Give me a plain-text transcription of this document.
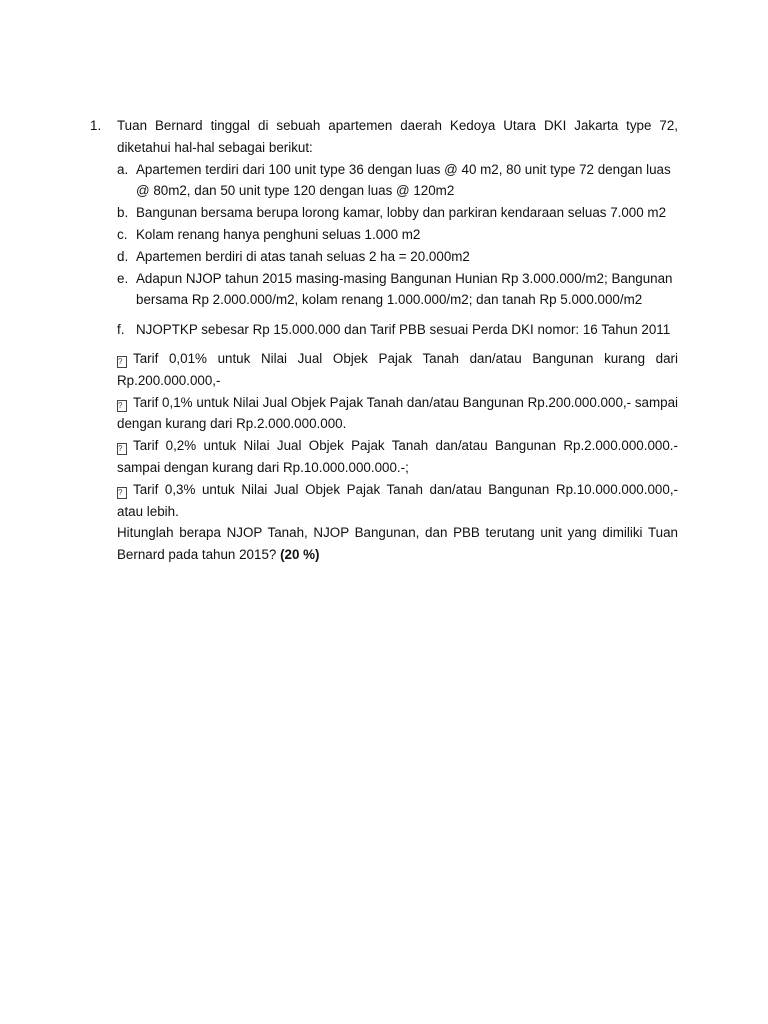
1.	Tuan Bernard tinggal di sebuah apartemen daerah Kedoya Utara DKI Jakarta type 72, diketahui hal-hal sebagai berikut:
a. Apartemen terdiri dari 100 unit type 36 dengan luas @ 40 m2, 80 unit type 72 dengan luas @ 80m2, dan 50 unit type 120 dengan luas @ 120m2
b. Bangunan bersama berupa lorong kamar, lobby dan parkiran kendaraan seluas 7.000 m2
c. Kolam renang hanya penghuni seluas 1.000 m2
d. Apartemen berdiri di atas tanah seluas 2 ha = 20.000m2
e. Adapun NJOP tahun 2015 masing-masing Bangunan Hunian Rp 3.000.000/m2; Bangunan bersama Rp 2.000.000/m2, kolam renang 1.000.000/m2; dan tanah Rp 5.000.000/m2
f. NJOPTKP sebesar Rp 15.000.000 dan Tarif PBB sesuai Perda DKI nomor: 16 Tahun 2011
? Tarif 0,01% untuk Nilai Jual Objek Pajak Tanah dan/atau Bangunan kurang dari Rp.200.000.000,-
? Tarif 0,1% untuk Nilai Jual Objek Pajak Tanah dan/atau Bangunan Rp.200.000.000,- sampai dengan kurang dari Rp.2.000.000.000.
? Tarif 0,2% untuk Nilai Jual Objek Pajak Tanah dan/atau Bangunan Rp.2.000.000.000.- sampai dengan kurang dari Rp.10.000.000.000.-;
? Tarif 0,3% untuk Nilai Jual Objek Pajak Tanah dan/atau Bangunan Rp.10.000.000.000,- atau lebih.
Hitunglah berapa NJOP Tanah, NJOP Bangunan, dan PBB terutang unit yang dimiliki Tuan Bernard pada tahun 2015? (20 %)
